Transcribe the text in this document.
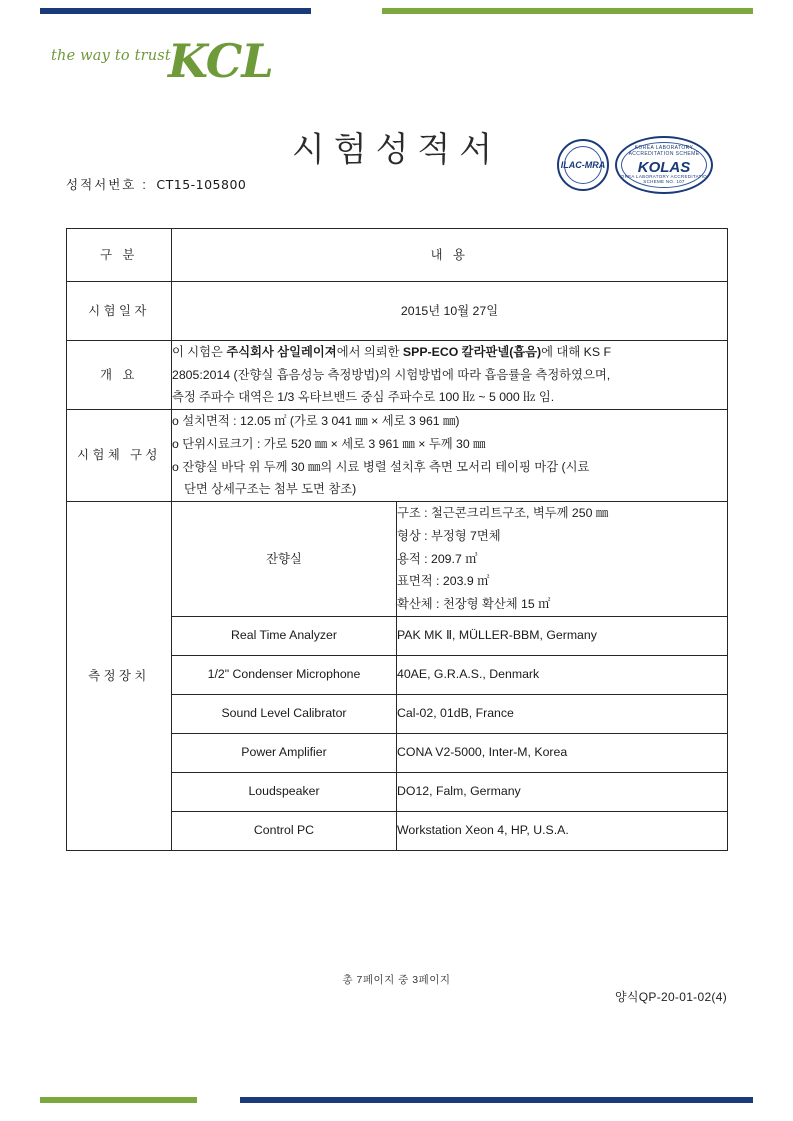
the way to trust
KCL
시험성적서
성적서번호 : CT15-105800
ILAC-MRA
KOREA LABORATORY ACCREDITATION SCHEME
KOLAS
KOREA LABORATORY ACCREDITATION SCHEME NO. 107
구 분	내 용	
시험일자	2015년 10월 27일	
개 요	이 시험은 주식회사 삼일레이져에서 의뢰한 SPP-ECO 칼라판넬(흡음)에 대해 KS F
2805:2014 (잔향실 흡음성능 측정방법)의 시험방법에 따라 흡음률을 측정하였으며,
측정 주파수 대역은 1/3 옥타브밴드 중심 주파수로 100 ㎐ ~ 5 000 ㎐ 임.	

시험체 구성	o 설치면적 : 12.05 ㎡ (가로 3 041 ㎜ × 세로 3 961 ㎜)
o 단위시료크기 : 가로 520 ㎜ × 세로 3 961 ㎜ × 두께 30 ㎜
o 잔향실 바닥 위 두께 30 ㎜의 시료 병렬 설치후 측면 모서리 테이핑 마감 (시료
단면 상세구조는 첨부 도면 참조)	

측정장치	잔향실	구조 : 철근콘크리트구조, 벽두께 250 ㎜
형상 : 부정형 7면체
용적 : 209.7 ㎥
표면적 : 203.9 ㎡
확산체 : 천장형 확산체 15 ㎡

	Real Time Analyzer	PAK MK Ⅱ, MÜLLER-BBM, Germany
	1/2" Condenser Microphone	40AE, G.R.A.S., Denmark
	Sound Level Calibrator	Cal-02, 01dB, France
	Power Amplifier	CONA V2-5000, Inter-M, Korea
	Loudspeaker	DO12, Falm, Germany
	Control PC	Workstation Xeon 4, HP, U.S.A.
총 7페이지 중 3페이지
양식QP-20-01-02(4)
